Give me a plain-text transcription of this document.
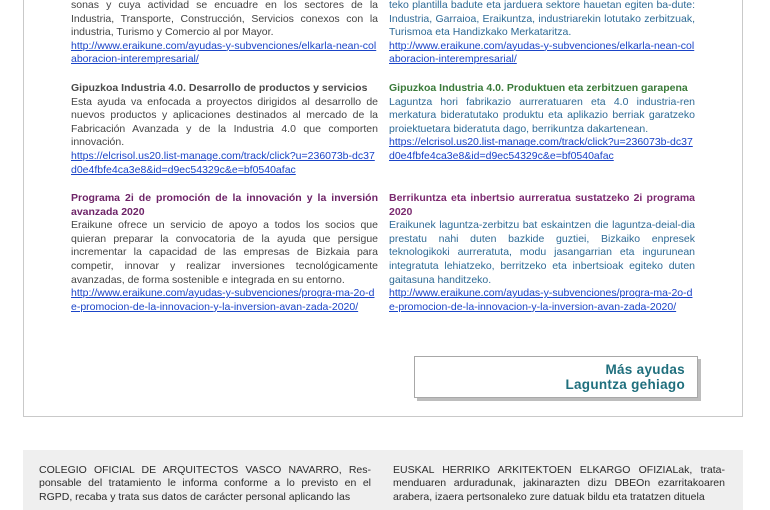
sonas y cuya actividad se encuadre en los sectores de la Industria, Transporte, Construcción, Servicios conexos con la industria, Turismo y Comercio al por Mayor.
http://www.eraikune.com/ayudas-y-subvenciones/elkarla-nean-colaboracion-interempresarial/
Gipuzkoa Industria 4.0. Desarrollo de productos y servicios
Esta ayuda va enfocada a proyectos dirigidos al desarrollo de nuevos productos y aplicaciones destinados al mercado de la Fabricación Avanzada y de la Industria 4.0 que comporten innovación.
https://elcrisol.us20.list-manage.com/track/click?u=236073b-dc37d0e4fbfe4ca3e8&id=d9ec54329c&e=bf0540afac
Programa 2i de promoción de la innovación y la inversión avanzada 2020
Eraikune ofrece un servicio de apoyo a todos los socios que quieran preparar la convocatoria de la ayuda que persigue incrementar la capacidad de las empresas de Bizkaia para competir, innovar y realizar inversiones tecnológicamente avanzadas, de forma sostenible e integrada en su entorno.
http://www.eraikune.com/ayudas-y-subvenciones/progra-ma-2o-de-promocion-de-la-innovacion-y-la-inversion-avan-zada-2020/
teko plantilla badute eta jarduera sektore hauetan egiten ba-dute: Industria, Garraioa, Eraikuntza, industriarekin lotutako zerbitzuak, Turismoa eta Handizkako Merkataritza.
http://www.eraikune.com/ayudas-y-subvenciones/elkarla-nean-colaboracion-interempresarial/
Gipuzkoa Industria 4.0. Produktuen eta zerbitzuen garapena
Laguntza hori fabrikazio aurreratuaren eta 4.0 industria-ren merkatura bideratutako produktu eta aplikazio berriak garatzeko proiektuetara bideratuta dago, berrikuntza dakartenean.
https://elcrisol.us20.list-manage.com/track/click?u=236073b-dc37d0e4fbfe4ca3e8&id=d9ec54329c&e=bf0540afac
Berrikuntza eta inbertsio aurreratua sustatzeko 2i programa 2020
Eraikunek laguntza-zerbitzu bat eskaintzen die laguntza-deial-dia prestatu nahi duten bazkide guztiei, Bizkaiko enpresek teknologikoki aurreratuta, modu jasangarrian eta ingurunean integratuta lehiatzeko, berritzeko eta inbertsioak egiteko duten gaitasuna handitzeko.
http://www.eraikune.com/ayudas-y-subvenciones/progra-ma-2o-de-promocion-de-la-innovacion-y-la-inversion-avan-zada-2020/
Más ayudas
Laguntza gehiago
COLEGIO OFICIAL DE ARQUITECTOS VASCO NAVARRO, Res-ponsable del tratamiento le informa conforme a lo previsto en el RGPD, recaba y trata sus datos de carácter personal aplicando las
EUSKAL HERRIKO ARKITEKTOEN ELKARGO OFIZIALak, trata-menduaren arduradunak, jakinarazten dizu DBEOn ezarritakoaren arabera, izaera pertsonaleko zure datuak bildu eta tratatzen dituela
